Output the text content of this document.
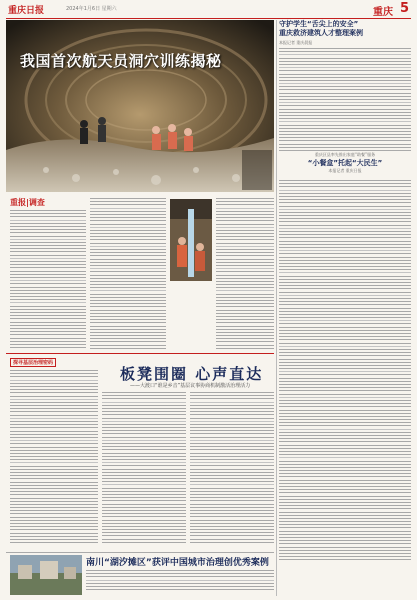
重庆日报	2024年1月6日 星期六	重庆 5
我国首次航天员洞穴训练揭秘
守护学生“舌尖上的安全”
重庆救济建筑人才整理案例
本报记者 重庆晨报
重庆区县率先推出家庭“助餐”服务
“小餐盒”托起“大民生”
本报记者 重庆日报
重报|调查
探寻基层治理密码
板凳围圈 心声直达
——大渡口“谁是乡音”基层议事协商机制激活治理活力
南川“湖汐摊区”获评中国城市治理创优秀案例
